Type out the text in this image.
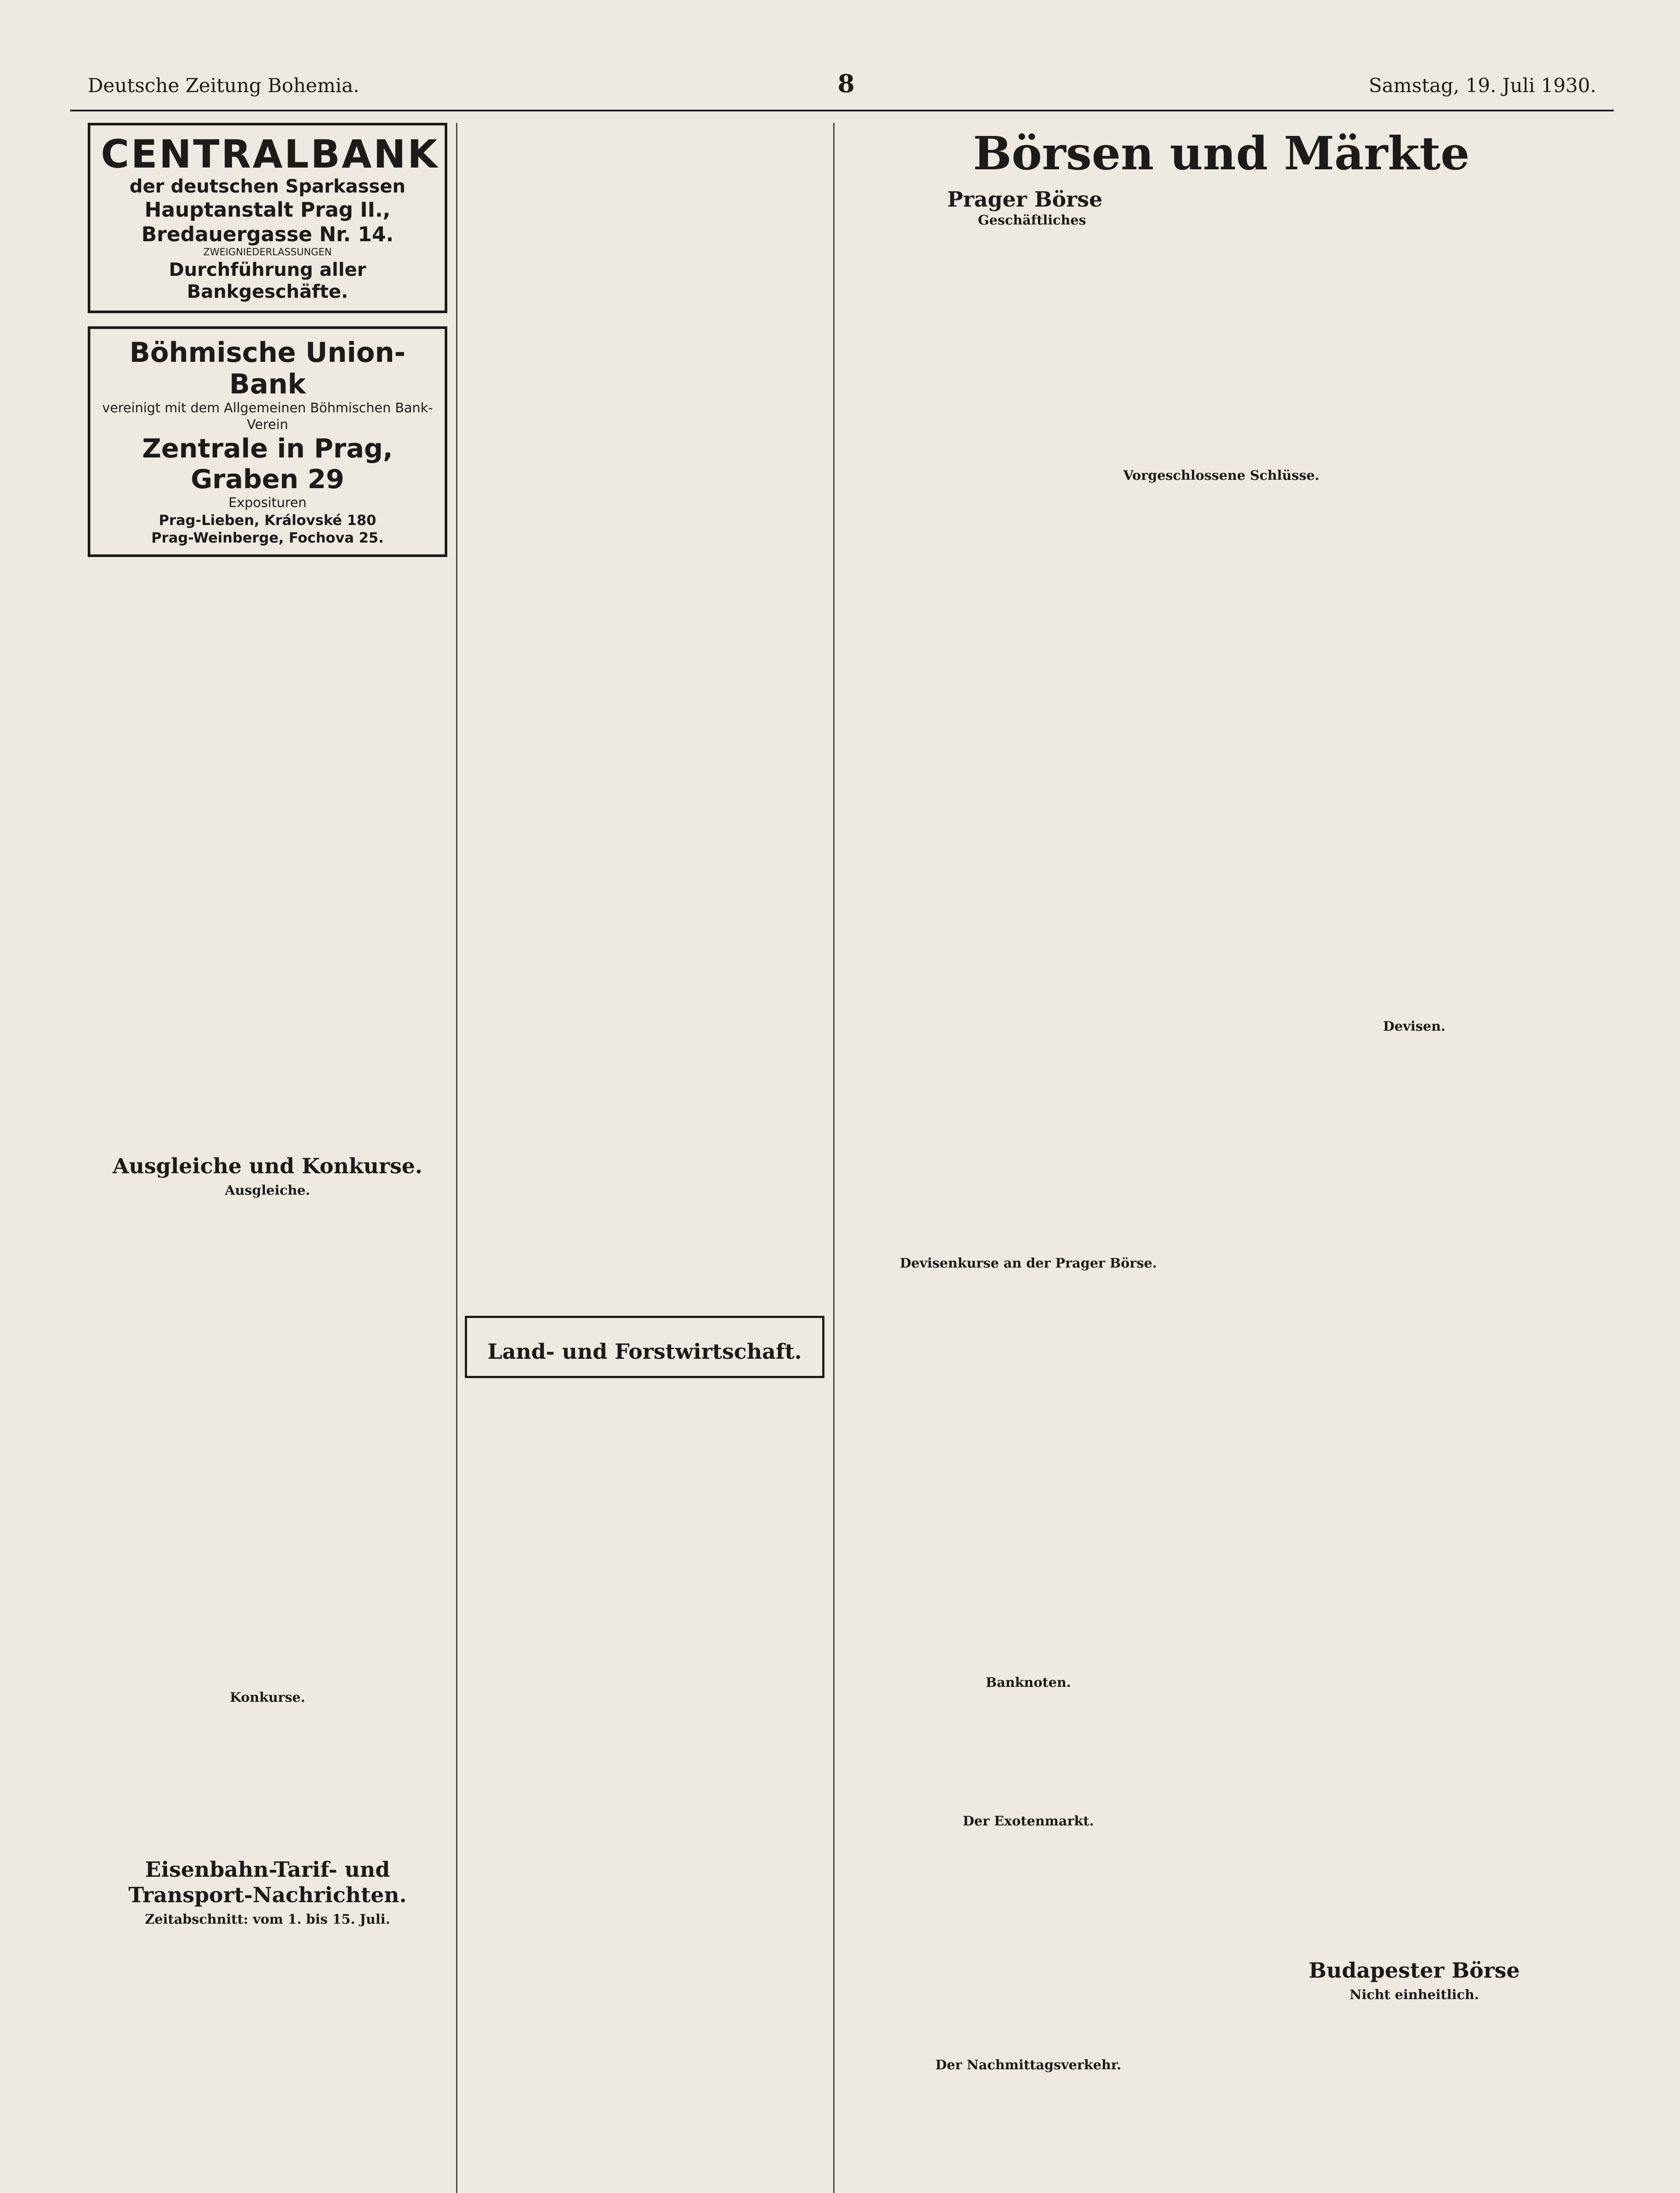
Deutsche Zeitung Bohemia.	8	Samstag, 19. Juli 1930.
CENTRALBANK
der deutschen Sparkassen
Hauptanstalt Prag II., Bredauergasse Nr. 14.
ZWEIGNIEDERLASSUNGEN
Durchführung aller Bankgeschäfte.
Böhmische Union-Bank
vereinigt mit dem Allgemeinen Böhmischen Bank-Verein
Zentrale in Prag, Graben 29
Exposituren
Prag-Lieben, Královské 180
Prag-Weinberge, Fochova 25.
Ausgleiche und Konkurse.
Ausgleiche.
Konkurse.
Eisenbahn-Tarif- und Transport-Nachrichten.
Zeitabschnitt: vom 1. bis 15. Juli.
Land- und Forstwirtschaft.
Börsen und Märkte
Prager Börse
Geschäftliches
Vorgeschlossene Schlüsse.
Devisenkurse an der Prager Börse.
Banknoten.
Der Exotenmarkt.
Der Nachmittagsverkehr.
Devisen.
Budapester Börse
Nicht einheitlich.
